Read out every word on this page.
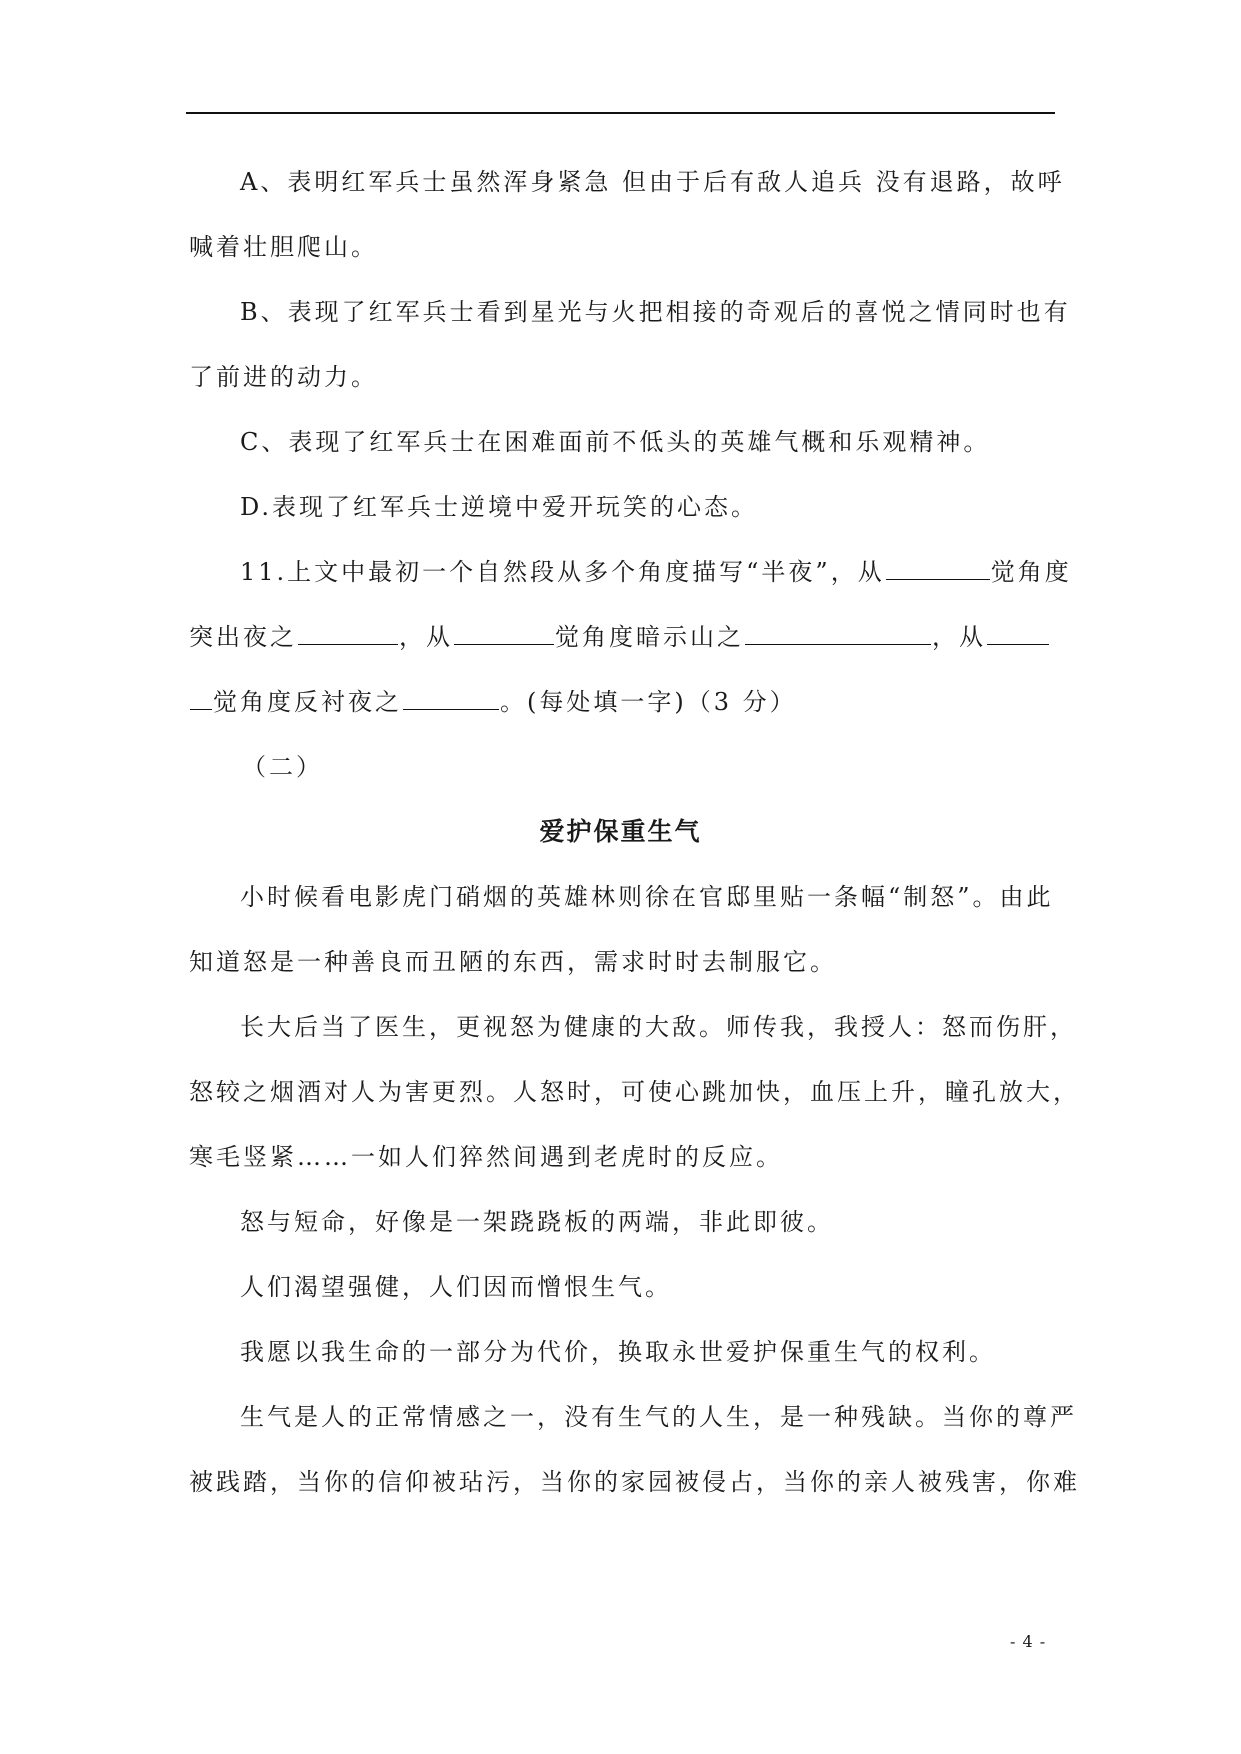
A、表明红军兵士虽然浑身紧急 但由于后有敌人追兵 没有退路，故呼
喊着壮胆爬山。
B、表现了红军兵士看到星光与火把相接的奇观后的喜悦之情同时也有
了前进的动力。
C、表现了红军兵士在困难面前不低头的英雄气概和乐观精神。
D.表现了红军兵士逆境中爱开玩笑的心态。
11.上文中最初一个自然段从多个角度描写“半夜”，从	觉角度
突出夜之	，从	觉角度暗示山之	，从
觉角度反衬夜之	。(每处填一字)（3 分）
（二）
爱护保重生气
小时候看电影虎门硝烟的英雄林则徐在官邸里贴一条幅“制怒”。由此
知道怒是一种善良而丑陋的东西，需求时时去制服它。
长大后当了医生，更视怒为健康的大敌。师传我，我授人：怒而伤肝，
怒较之烟酒对人为害更烈。人怒时，可使心跳加快，血压上升，瞳孔放大，
寒毛竖紧……一如人们猝然间遇到老虎时的反应。
怒与短命，好像是一架跷跷板的两端，非此即彼。
人们渴望强健，人们因而憎恨生气。
我愿以我生命的一部分为代价，换取永世爱护保重生气的权利。
生气是人的正常情感之一，没有生气的人生，是一种残缺。当你的尊严
被践踏，当你的信仰被玷污，当你的家园被侵占，当你的亲人被残害，你难
- 4 -
